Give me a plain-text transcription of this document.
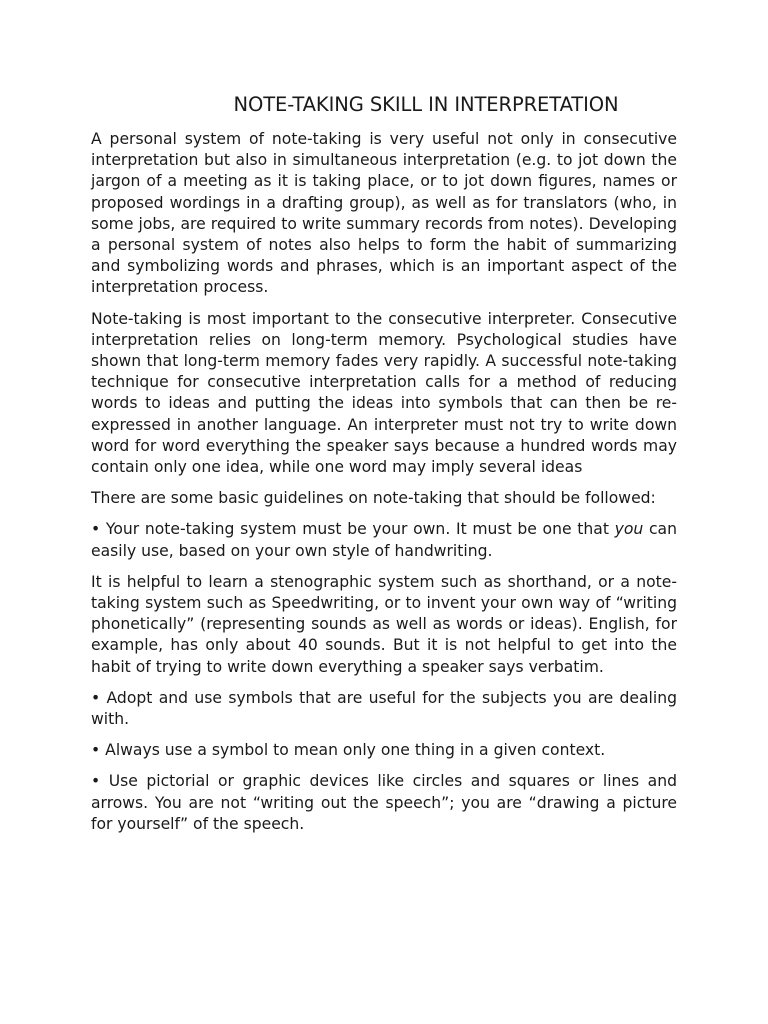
NOTE-TAKING SKILL IN INTERPRETATION

A personal system of note-taking is very useful not only in consecutive interpretation but also in simultaneous interpretation (e.g. to jot down the jargon of a meeting as it is taking place, or to jot down figures, names or proposed wordings in a drafting group), as well as for translators (who, in some jobs, are required to write summary records from notes). Developing a personal system of notes also helps to form the habit of summarizing and symbolizing words and phrases, which is an important aspect of the interpretation process.

Note-taking is most important to the consecutive interpreter. Consecutive interpretation relies on long-term memory. Psychological studies have shown that long-term memory fades very rapidly. A successful note-taking technique for consecutive interpretation calls for a method of reducing words to ideas and putting the ideas into symbols that can then be re-expressed in another language. An interpreter must not try to write down word for word everything the speaker says because a hundred words may contain only one idea, while one word may imply several ideas

There are some basic guidelines on note-taking that should be followed:

• Your note-taking system must be your own. It must be one that you can easily use, based on your own style of handwriting.

It is helpful to learn a stenographic system such as shorthand, or a note-taking system such as Speedwriting, or to invent your own way of “writing phonetically” (representing sounds as well as words or ideas). English, for example, has only about 40 sounds. But it is not helpful to get into the habit of trying to write down everything a speaker says verbatim.

• Adopt and use symbols that are useful for the subjects you are dealing with.

• Always use a symbol to mean only one thing in a given context.

• Use pictorial or graphic devices like circles and squares or lines and arrows. You are not “writing out the speech”; you are “drawing a picture for yourself” of the speech.
